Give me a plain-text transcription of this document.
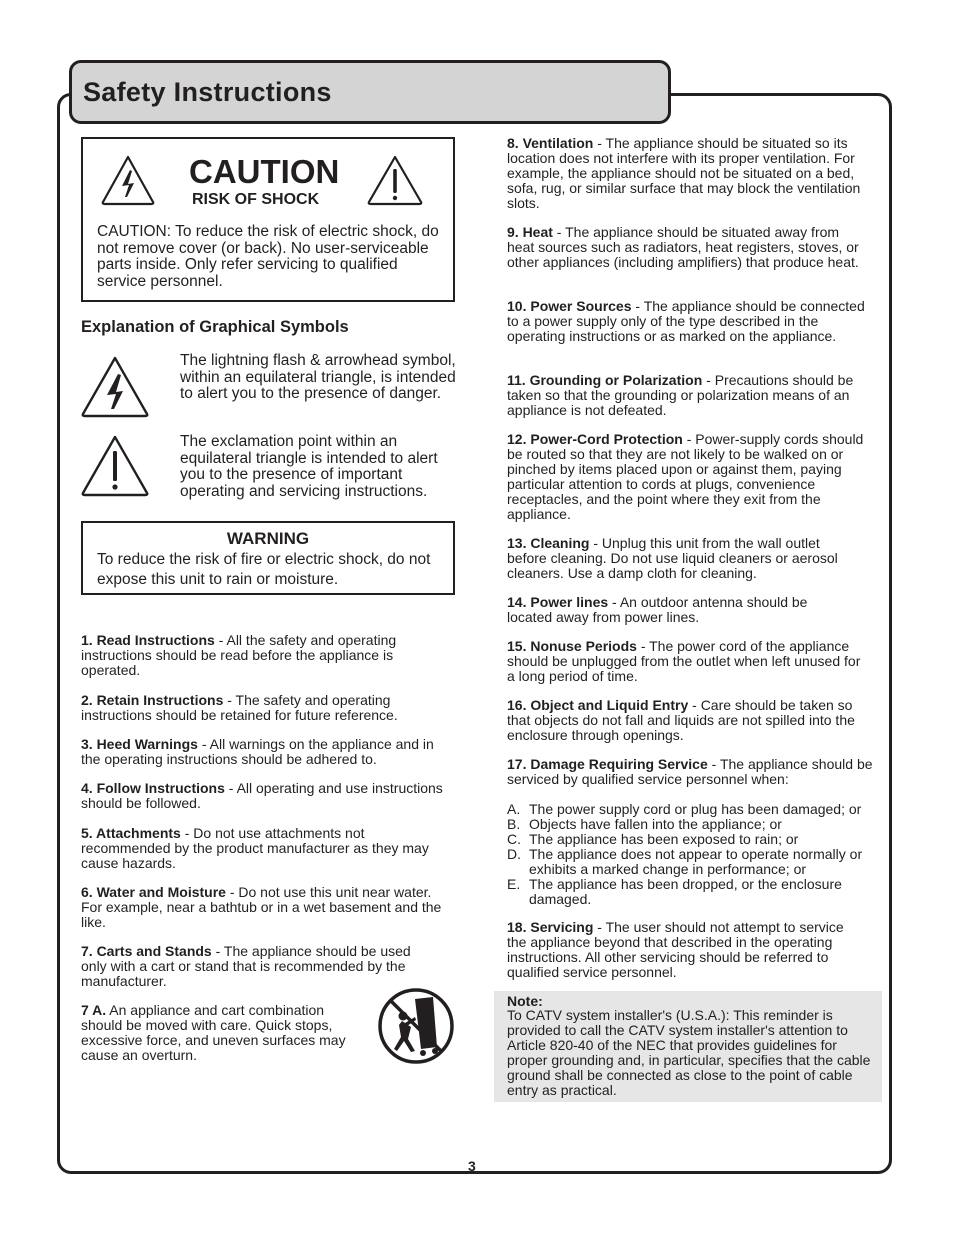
Safety Instructions
CAUTION
RISK OF SHOCK
CAUTION: To reduce the risk of electric shock, do not remove cover (or back). No user-serviceable parts inside. Only refer servicing to qualified service personnel.
Explanation of Graphical Symbols
The lightning flash & arrowhead symbol, within an equilateral triangle, is intended to alert you to the presence of danger.
The exclamation point within an equilateral triangle is intended to alert you to the presence of important operating and servicing instructions.
WARNING
To reduce the risk of fire or electric shock, do not expose this unit to rain or moisture.
1. Read Instructions - All the safety and operating instructions should be read before the appliance is operated.
2. Retain Instructions - The safety and operating instructions should be retained for future reference.
3. Heed Warnings - All warnings on the appliance and in the operating instructions should be adhered to.
4. Follow Instructions - All operating and use instructions should be followed.
5. Attachments - Do not use attachments not recommended by the product manufacturer as they may cause hazards.
6. Water and Moisture - Do not use this unit near water. For example, near a bathtub or in a wet basement and the like.
7. Carts and Stands - The appliance should be used only with a cart or stand that is recommended by the manufacturer.
7 A. An appliance and cart combination should be moved with care. Quick stops, excessive force, and uneven surfaces may cause an overturn.
8. Ventilation - The appliance should be situated so its location does not interfere with its proper ventilation. For example, the appliance should not be situated on a bed, sofa, rug, or similar surface that may block the ventilation slots.
9. Heat - The appliance should be situated away from heat sources such as radiators, heat registers, stoves, or other appliances (including amplifiers) that produce heat.
10. Power Sources - The appliance should be connected to a power supply only of the type described in the operating instructions or as marked on the appliance.
11. Grounding or Polarization - Precautions should be taken so that the grounding or polarization means of an appliance is not defeated.
12. Power-Cord Protection - Power-supply cords should be routed so that they are not likely to be walked on or pinched by items placed upon or against them, paying particular attention to cords at plugs, convenience receptacles, and the point where they exit from the appliance.
13. Cleaning - Unplug this unit from the wall outlet before cleaning. Do not use liquid cleaners or aerosol cleaners. Use a damp cloth for cleaning.
14. Power lines - An outdoor antenna should be located away from power lines.
15. Nonuse Periods - The power cord of the appliance should be unplugged from the outlet when left unused for a long period of time.
16. Object and Liquid Entry - Care should be taken so that objects do not fall and liquids are not spilled into the enclosure through openings.
17. Damage Requiring Service - The appliance should be serviced by qualified service personnel when:
A. The power supply cord or plug has been damaged; or
B. Objects have fallen into the appliance; or
C. The appliance has been exposed to rain; or
D. The appliance does not appear to operate normally or exhibits a marked change in performance; or
E. The appliance has been dropped, or the enclosure damaged.
18. Servicing - The user should not attempt to service the appliance beyond that described in the operating instructions. All other servicing should be referred to qualified service personnel.
Note:
To CATV system installer's (U.S.A.): This reminder is provided to call the CATV system installer's attention to Article 820-40 of the NEC that provides guidelines for proper grounding and, in particular, specifies that the cable ground shall be connected as close to the point of cable entry as practical.
3
